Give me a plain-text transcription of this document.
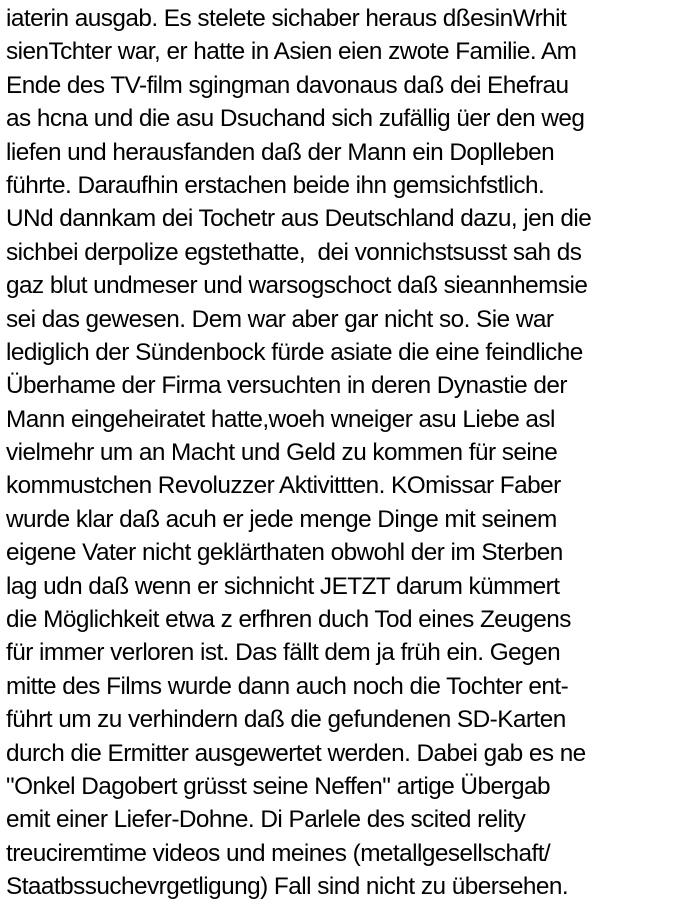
iaterin ausgab. Es stelete sichaber heraus dßesinWrhit
sienTchter war, er hatte in Asien eien zwote Familie. Am
Ende des TV-film sgingman davonaus daß dei Ehefrau
as hcna und die asu Dsuchand sich zufällig üer den weg
liefen und herausfanden daß der Mann ein Doplleben
führte. Daraufhin erstachen beide ihn gemsichfstlich.
UNd dannkam dei Tochetr aus Deutschland dazu, jen die
sichbei derpolize egstethatte,  dei vonnichstsusst sah ds
gaz blut undmeser und warsogschoct daß sieannhemsie
sei das gewesen. Dem war aber gar nicht so. Sie war
lediglich der Sündenbock fürde asiate die eine feindliche
Überhame der Firma versuchten in deren Dynastie der
Mann eingeheiratet hatte,woeh wneiger asu Liebe asl
vielmehr um an Macht und Geld zu kommen für seine
kommustchen Revoluzzer Aktivittten. KOmissar Faber
wurde klar daß acuh er jede menge Dinge mit seinem
eigene Vater nicht geklärthaten obwohl der im Sterben
lag udn daß wenn er sichnicht JETZT darum kümmert
die Möglichkeit etwa z erfhren duch Tod eines Zeugens
für immer verloren ist. Das fällt dem ja früh ein. Gegen
mitte des Films wurde dann auch noch die Tochter ent-
führt um zu verhindern daß die gefundenen SD-Karten
durch die Ermitter ausgewertet werden. Dabei gab es ne
"Onkel Dagobert grüsst seine Neffen" artige Übergab
emit einer Liefer-Dohne. Di Parlele des scited relity
treuciremtime videos und meines (metallgesellschaft/
Staatbssuchevrgetligung) Fall sind nicht zu übersehen.
